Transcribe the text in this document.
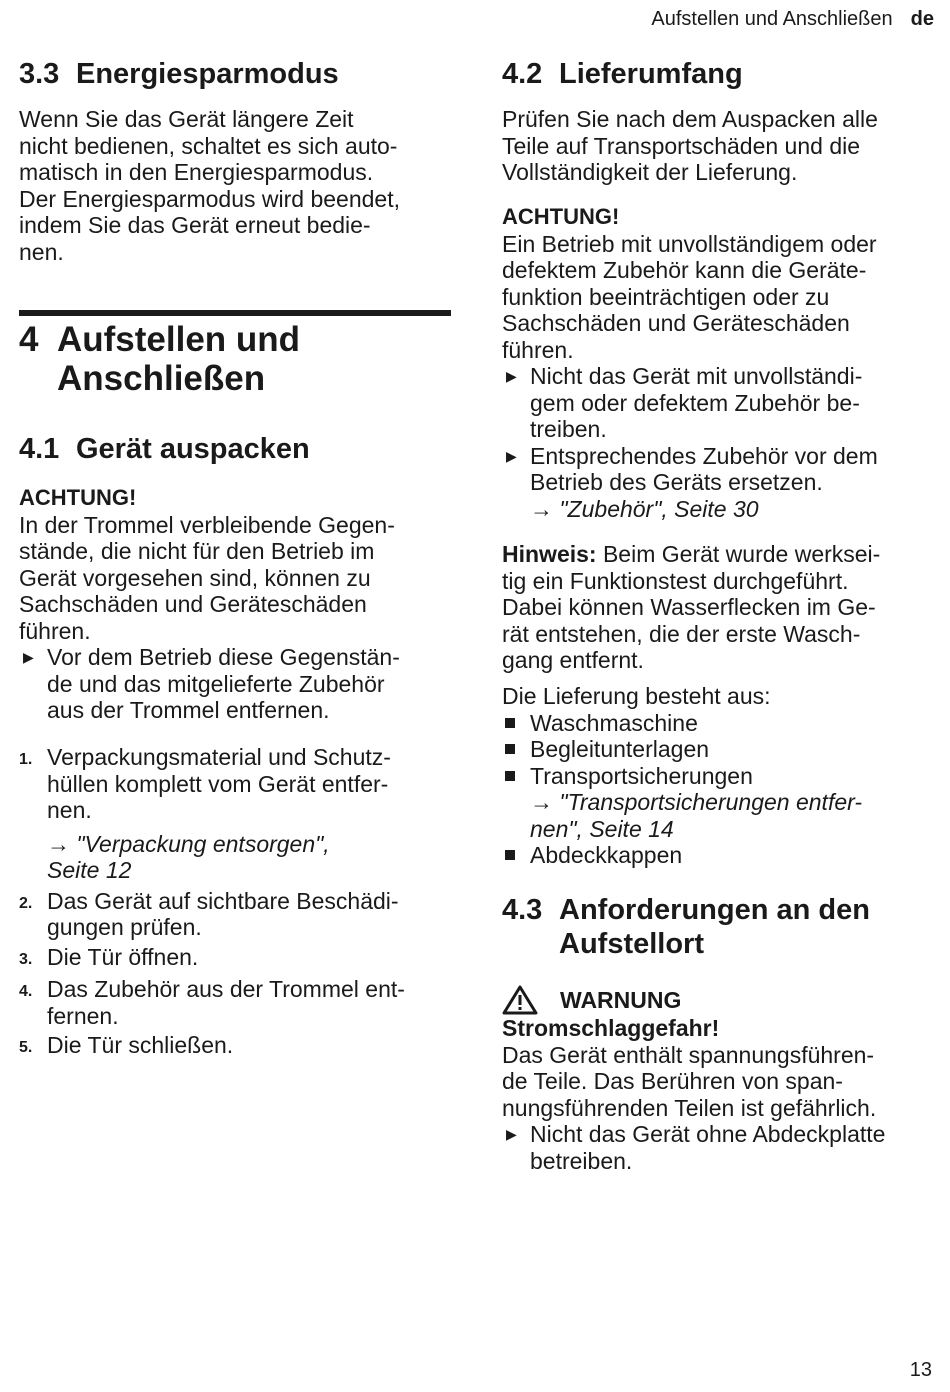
Aufstellen und Anschließen de
3.3 Energiesparmodus

Wenn Sie das Gerät längere Zeit

nicht bedienen, schaltet es sich auto-

matisch in den Energiesparmodus.

Der Energiesparmodus wird beendet,

indem Sie das Gerät erneut bedie-

nen.

4 Aufstellen und
Anschließen
4.1 Gerät auspacken

ACHTUNG!

In der Trommel verbleibende Gegen-

stände, die nicht für den Betrieb im

Gerät vorgesehen sind, können zu

Sachschäden und Geräteschäden

führen.

▶ Vor dem Betrieb diese Gegenstän-
de und das mitgelieferte Zubehör
aus der Trommel entfernen.
1. Verpackungsmaterial und Schutz-
hüllen komplett vom Gerät entfer-
nen.
→ "Verpackung entsorgen",
Seite 12
2. Das Gerät auf sichtbare Beschädi-
gungen prüfen.
3. Die Tür öffnen.
4. Das Zubehör aus der Trommel ent-
fernen.
5. Die Tür schließen.
4.2 Lieferumfang

Prüfen Sie nach dem Auspacken alle

Teile auf Transportschäden und die

Vollständigkeit der Lieferung.

ACHTUNG!

Ein Betrieb mit unvollständigem oder

defektem Zubehör kann die Geräte-

funktion beeinträchtigen oder zu

Sachschäden und Geräteschäden

führen.

▶ Nicht das Gerät mit unvollständi-
gem oder defektem Zubehör be-
treiben.
▶ Entsprechendes Zubehör vor dem
Betrieb des Geräts ersetzen.
→ "Zubehör", Seite 30

Hinweis: Beim Gerät wurde werksei-

tig ein Funktionstest durchgeführt.

Dabei können Wasserflecken im Ge-

rät entstehen, die der erste Wasch-

gang entfernt.

Die Lieferung besteht aus:

Waschmaschine
Begleitunterlagen
Transportsicherungen
→ "Transportsicherungen entfer-
nen", Seite 14
Abdeckkappen
4.3 Anforderungen an den
Aufstellort
WARNUNG

Stromschlaggefahr!

Das Gerät enthält spannungsführen-

de Teile. Das Berühren von span-

nungsführenden Teilen ist gefährlich.

▶ Nicht das Gerät ohne Abdeckplatte
betreiben.
13
